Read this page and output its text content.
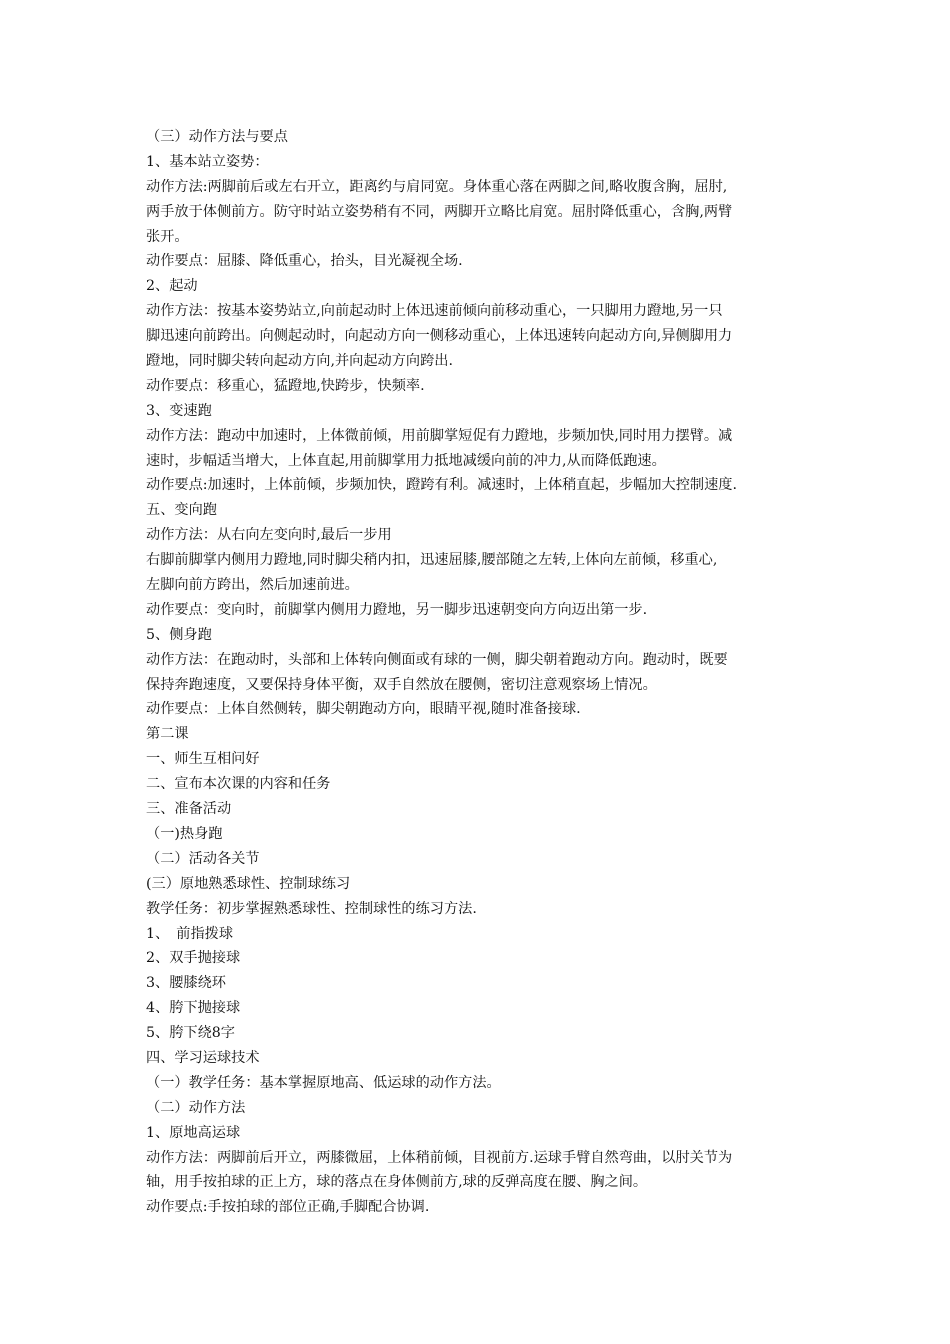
（三）动作方法与要点
1、基本站立姿势：
动作方法:两脚前后或左右开立，距离约与肩同宽。身体重心落在两脚之间,略收腹含胸，屈肘,
两手放于体侧前方。防守时站立姿势稍有不同，两脚开立略比肩宽。屈肘降低重心，含胸,两臂
张开。
动作要点：屈膝、降低重心，抬头，目光凝视全场.
2、起动
动作方法：按基本姿势站立,向前起动时上体迅速前倾向前移动重心，一只脚用力蹬地,另一只
脚迅速向前跨出。向侧起动时，向起动方向一侧移动重心，上体迅速转向起动方向,异侧脚用力
蹬地，同时脚尖转向起动方向,并向起动方向跨出.
动作要点：移重心，猛蹬地,快跨步，快频率.
3、变速跑
动作方法：跑动中加速时，上体微前倾，用前脚掌短促有力蹬地，步频加快,同时用力摆臂。减
速时，步幅适当增大，上体直起,用前脚掌用力抵地减缓向前的冲力,从而降低跑速。
动作要点:加速时，上体前倾，步频加快，蹬跨有利。减速时，上体稍直起，步幅加大控制速度.
五、变向跑
动作方法：从右向左变向时,最后一步用
右脚前脚掌内侧用力蹬地,同时脚尖稍内扣，迅速屈膝,腰部随之左转,上体向左前倾，移重心,
左脚向前方跨出，然后加速前进。
动作要点：变向时，前脚掌内侧用力蹬地，另一脚步迅速朝变向方向迈出第一步.
5、侧身跑
动作方法：在跑动时，头部和上体转向侧面或有球的一侧，脚尖朝着跑动方向。跑动时，既要
保持奔跑速度，又要保持身体平衡，双手自然放在腰侧，密切注意观察场上情况。
动作要点：上体自然侧转，脚尖朝跑动方向，眼睛平视,随时准备接球.
第二课
一、师生互相问好
二、宣布本次课的内容和任务
三、准备活动
（一)热身跑
（二）活动各关节
(三）原地熟悉球性、控制球练习
教学任务：初步掌握熟悉球性、控制球性的练习方法.
1、　前指拨球
2、双手抛接球
3、腰膝绕环
4、胯下抛接球
5、胯下绕8字
四、学习运球技术
（一）教学任务：基本掌握原地高、低运球的动作方法。
（二）动作方法
1、原地高运球
动作方法：两脚前后开立，两膝微屈，上体稍前倾，目视前方.运球手臂自然弯曲，以肘关节为
轴，用手按拍球的正上方，球的落点在身体侧前方,球的反弹高度在腰、胸之间。
动作要点:手按拍球的部位正确,手脚配合协调.
